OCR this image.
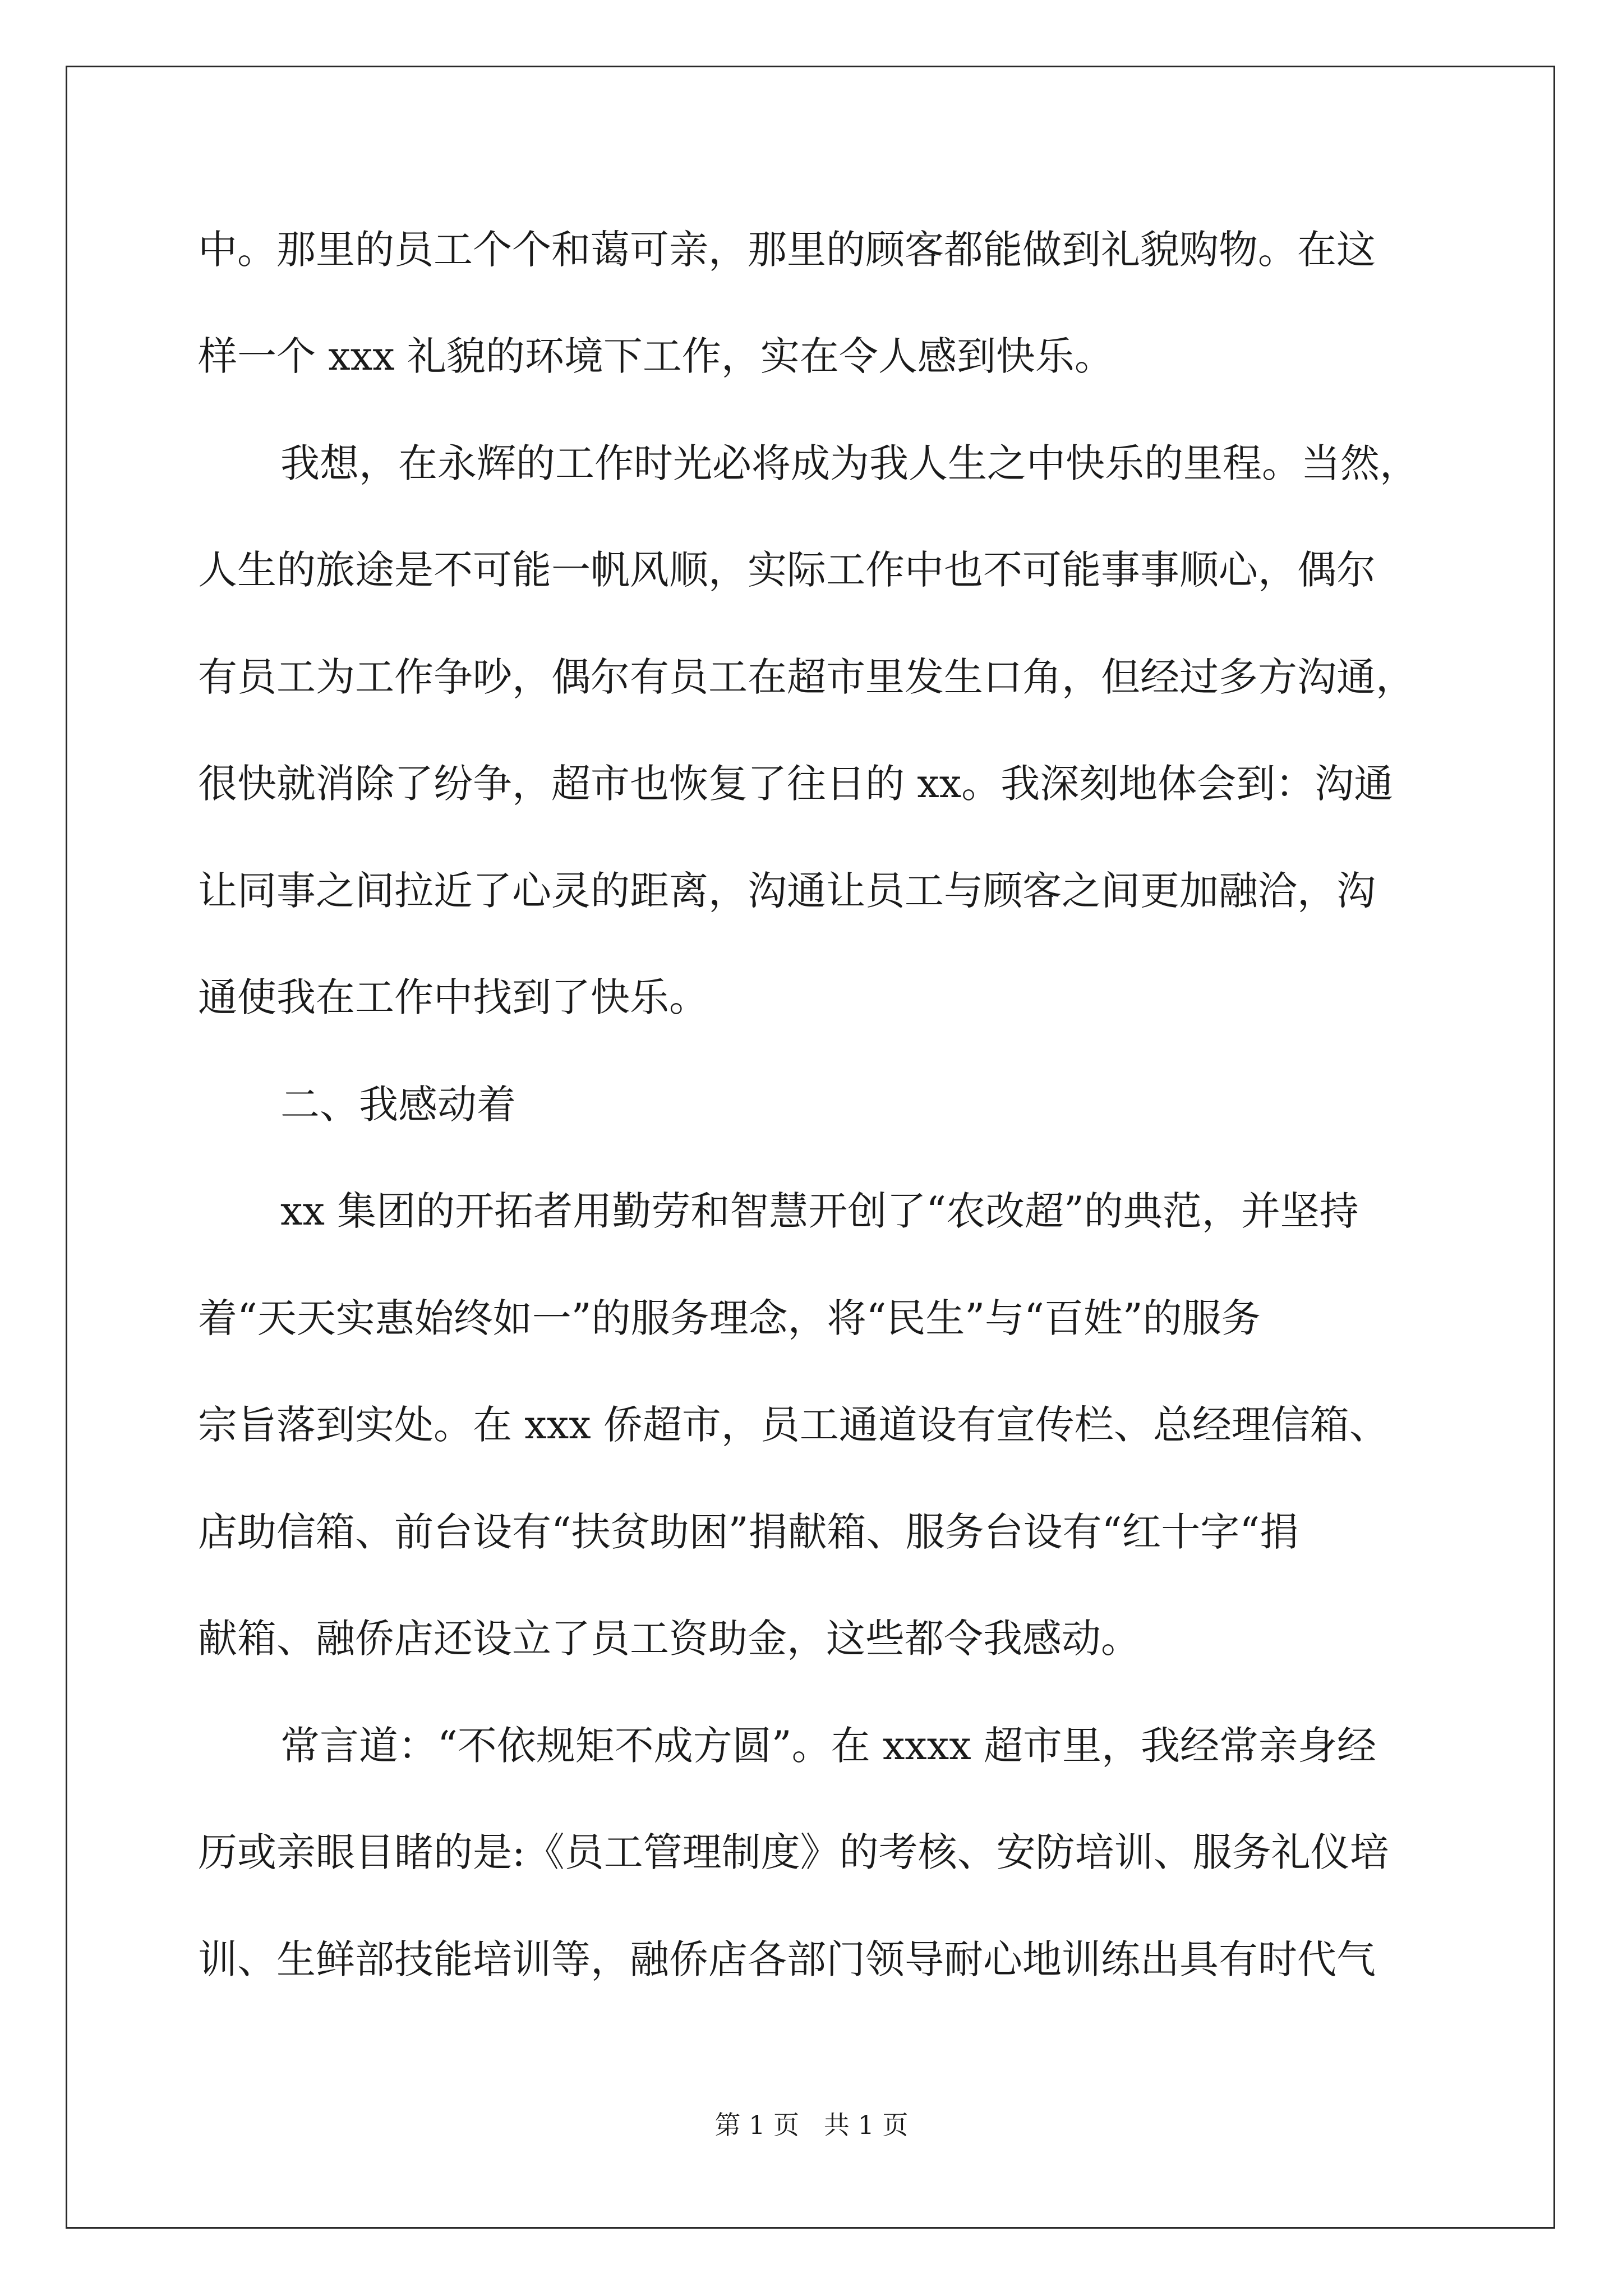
中。那里的员工个个和蔼可亲，那里的顾客都能做到礼貌购物。在这
样一个 xxx 礼貌的环境下工作，实在令人感到快乐。
我想，在永辉的工作时光必将成为我人生之中快乐的里程。当然，
人生的旅途是不可能一帆风顺，实际工作中也不可能事事顺心，偶尔
有员工为工作争吵，偶尔有员工在超市里发生口角，但经过多方沟通，
很快就消除了纷争，超市也恢复了往日的 xx。我深刻地体会到：沟通
让同事之间拉近了心灵的距离，沟通让员工与顾客之间更加融洽，沟
通使我在工作中找到了快乐。
二、我感动着
xx 集团的开拓者用勤劳和智慧开创了“农改超”的典范，并坚持
着“天天实惠始终如一”的服务理念，将“民生”与“百姓”的服务
宗旨落到实处。在 xxx 侨超市，员工通道设有宣传栏、总经理信箱、
店助信箱、前台设有“扶贫助困”捐献箱、服务台设有“红十字“捐
献箱、融侨店还设立了员工资助金，这些都令我感动。
常言道：“不依规矩不成方圆”。在 xxxx 超市里，我经常亲身经
历或亲眼目睹的是:《员工管理制度》的考核、安防培训、服务礼仪培
训、生鲜部技能培训等，融侨店各部门领导耐心地训练出具有时代气
第 1 页   共 1 页
